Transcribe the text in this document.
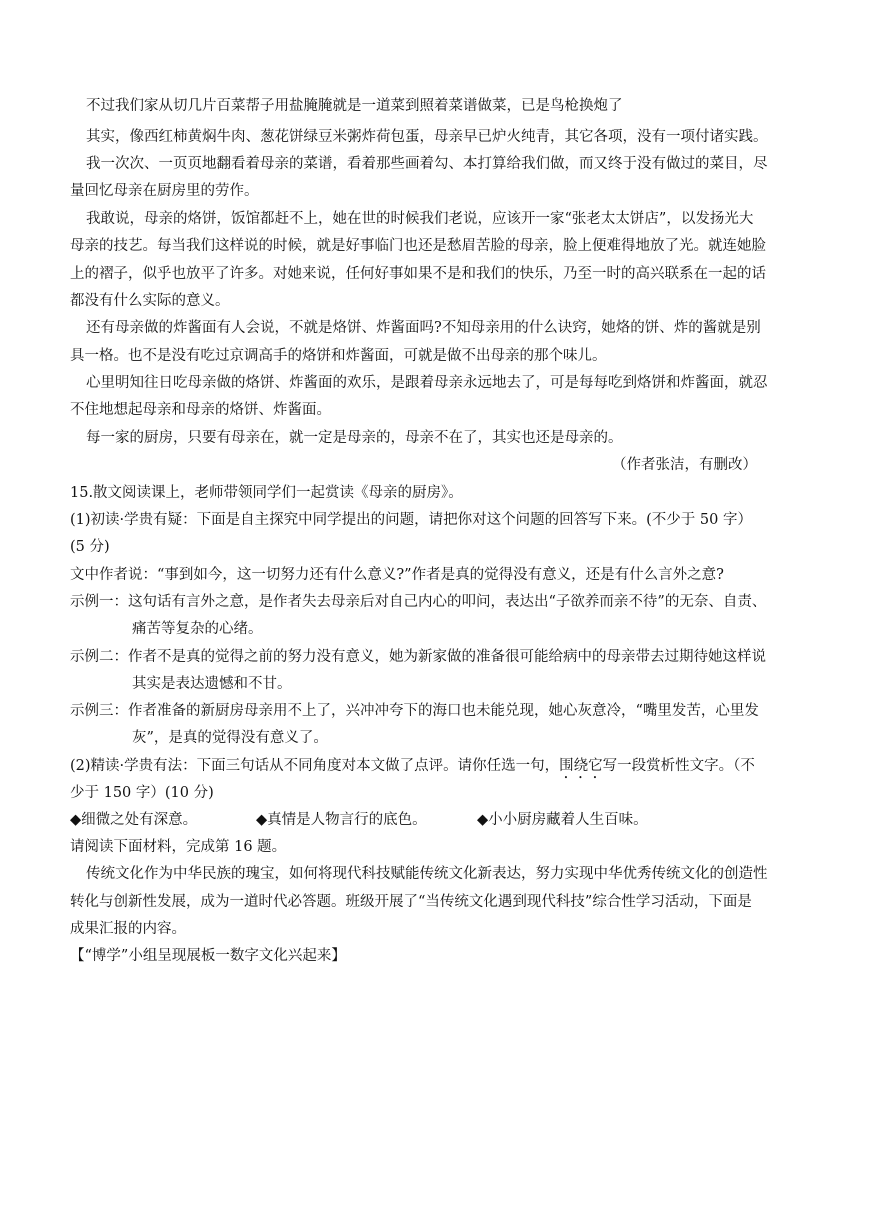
不过我们家从切几片百菜帮子用盐腌腌就是一道菜到照着菜谱做菜，已是鸟枪换炮了
其实，像西红柿黄焖牛肉、葱花饼绿豆米粥炸荷包蛋，母亲早已炉火纯青，其它各项，没有一项付诸实践。
我一次次、一页页地翻看着母亲的菜谱，看着那些画着勾、本打算给我们做，而又终于没有做过的菜目，尽
量回忆母亲在厨房里的劳作。
我敢说，母亲的烙饼，饭馆都赶不上，她在世的时候我们老说，应该开一家“张老太太饼店”，以发扬光大
母亲的技艺。每当我们这样说的时候，就是好事临门也还是愁眉苦脸的母亲，脸上便难得地放了光。就连她脸
上的褶子，似乎也放平了许多。对她来说，任何好事如果不是和我们的快乐，乃至一时的高兴联系在一起的话
都没有什么实际的意义。
还有母亲做的炸酱面有人会说，不就是烙饼、炸酱面吗?不知母亲用的什么诀窍，她烙的饼、炸的酱就是别
具一格。也不是没有吃过京调高手的烙饼和炸酱面，可就是做不出母亲的那个味儿。
心里明知往日吃母亲做的烙饼、炸酱面的欢乐，是跟着母亲永远地去了，可是每每吃到烙饼和炸酱面，就忍
不住地想起母亲和母亲的烙饼、炸酱面。
每一家的厨房，只要有母亲在，就一定是母亲的，母亲不在了，其实也还是母亲的。
（作者张洁，有删改）
15.散文阅读课上，老师带领同学们一起赏读《母亲的厨房》。
(1)初读·学贵有疑：下面是自主探究中同学提出的问题，请把你对这个问题的回答写下来。(不少于 50 字）
(5 分)
文中作者说：“事到如今，这一切努力还有什么意义?”作者是真的觉得没有意义，还是有什么言外之意?
示例一：这句话有言外之意，是作者失去母亲后对自己内心的叩问，表达出“子欲养而亲不待”的无奈、自责、
痛苦等复杂的心绪。
示例二：作者不是真的觉得之前的努力没有意义，她为新家做的准备很可能给病中的母亲带去过期待她这样说
其实是表达遗憾和不甘。
示例三：作者准备的新厨房母亲用不上了，兴冲冲夸下的海口也未能兑现，她心灰意冷，“嘴里发苦，心里发
灰”，是真的觉得没有意义了。
(2)精读·学贵有法：下面三句话从不同角度对本文做了点评。请你任选一句，围绕它写一段赏析性文字。（不
少于 150 字）(10 分)
◆细微之处有深意。	◆真情是人物言行的底色。	◆小小厨房藏着人生百味。
请阅读下面材料，完成第 16 题。
传统文化作为中华民族的瑰宝，如何将现代科技赋能传统文化新表达，努力实现中华优秀传统文化的创造性
转化与创新性发展，成为一道时代必答题。班级开展了“当传统文化遇到现代科技”综合性学习活动，下面是
成果汇报的内容。
【“博学”小组呈现展板一数字文化兴起来】
